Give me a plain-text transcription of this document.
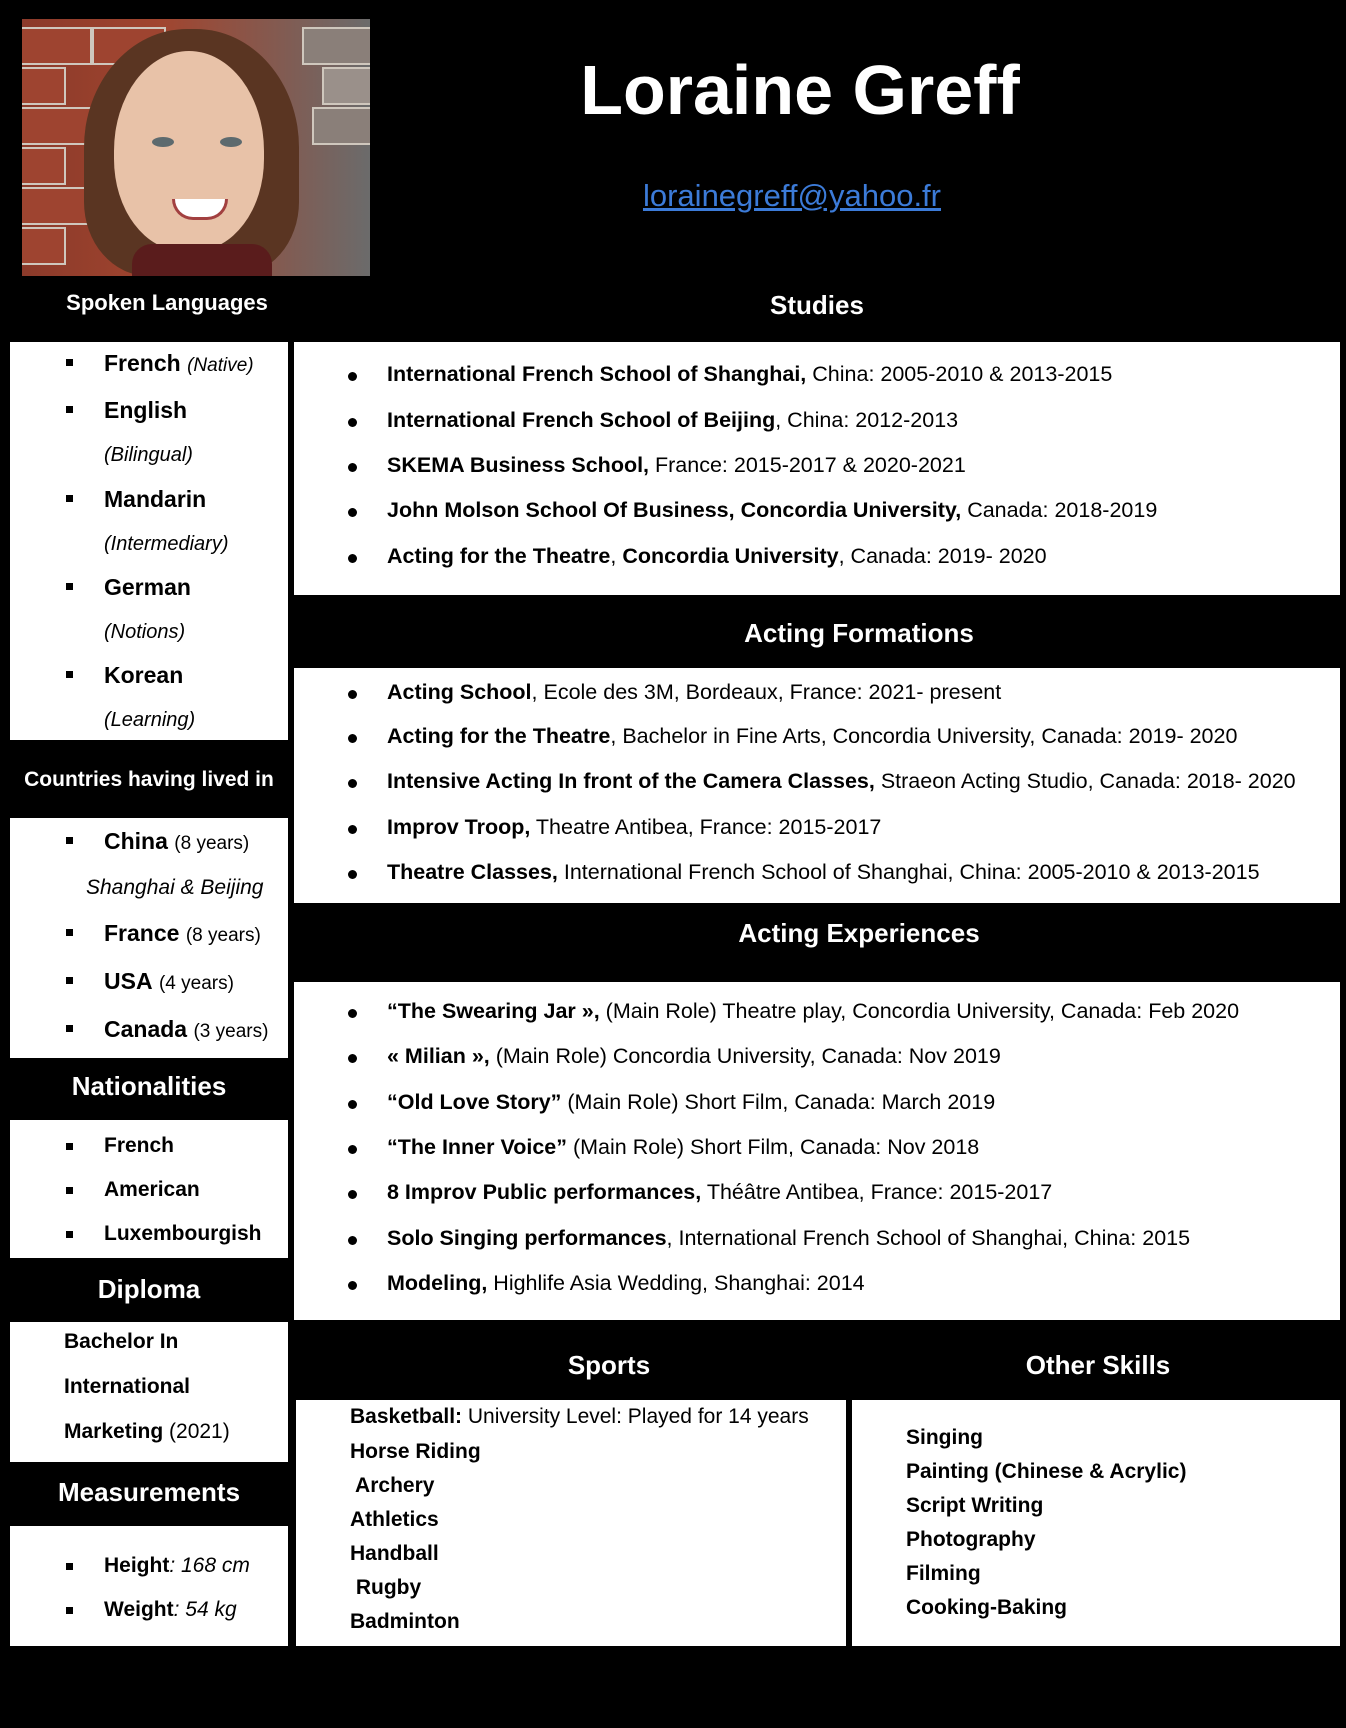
Loraine Greff
lorainegreff@yahoo.fr
Spoken Languages
French (Native)
English
(Bilingual)
Mandarin
(Intermediary)
German
(Notions)
Korean
(Learning)
Countries having lived in
China (8 years)
Shanghai & Beijing
France (8 years)
USA (4 years)
Canada (3 years)
Nationalities
French
American
Luxembourgish
Diploma
Bachelor In
International
Marketing (2021)
Measurements
Height: 168 cm
Weight: 54 kg
Studies
International French School of Shanghai, China: 2005-2010 & 2013-2015
International French School of Beijing, China: 2012-2013
SKEMA Business School, France: 2015-2017 & 2020-2021
John Molson School Of Business, Concordia University, Canada: 2018-2019
Acting for the Theatre, Concordia University, Canada: 2019- 2020
Acting Formations
Acting School, Ecole des 3M, Bordeaux, France: 2021- present
Acting for the Theatre, Bachelor in Fine Arts, Concordia University, Canada: 2019- 2020
Intensive Acting In front of the Camera Classes, Straeon Acting Studio, Canada: 2018- 2020
Improv Troop, Theatre Antibea, France: 2015-2017
Theatre Classes, International French School of Shanghai, China: 2005-2010 & 2013-2015
Acting Experiences
“The Swearing Jar », (Main Role) Theatre play, Concordia University, Canada: Feb 2020
« Milian », (Main Role) Concordia University, Canada: Nov 2019
“Old Love Story” (Main Role) Short Film, Canada: March 2019
“The Inner Voice” (Main Role) Short Film, Canada: Nov 2018
8 Improv Public performances, Théâtre Antibea, France: 2015-2017
Solo Singing performances, International French School of Shanghai, China: 2015
Modeling, Highlife Asia Wedding, Shanghai: 2014
Sports
Basketball: University Level: Played for 14 years
Horse Riding
Archery
Athletics
Handball
Rugby
Badminton
Other Skills
Singing
Painting (Chinese & Acrylic)
Script Writing
Photography
Filming
Cooking-Baking
